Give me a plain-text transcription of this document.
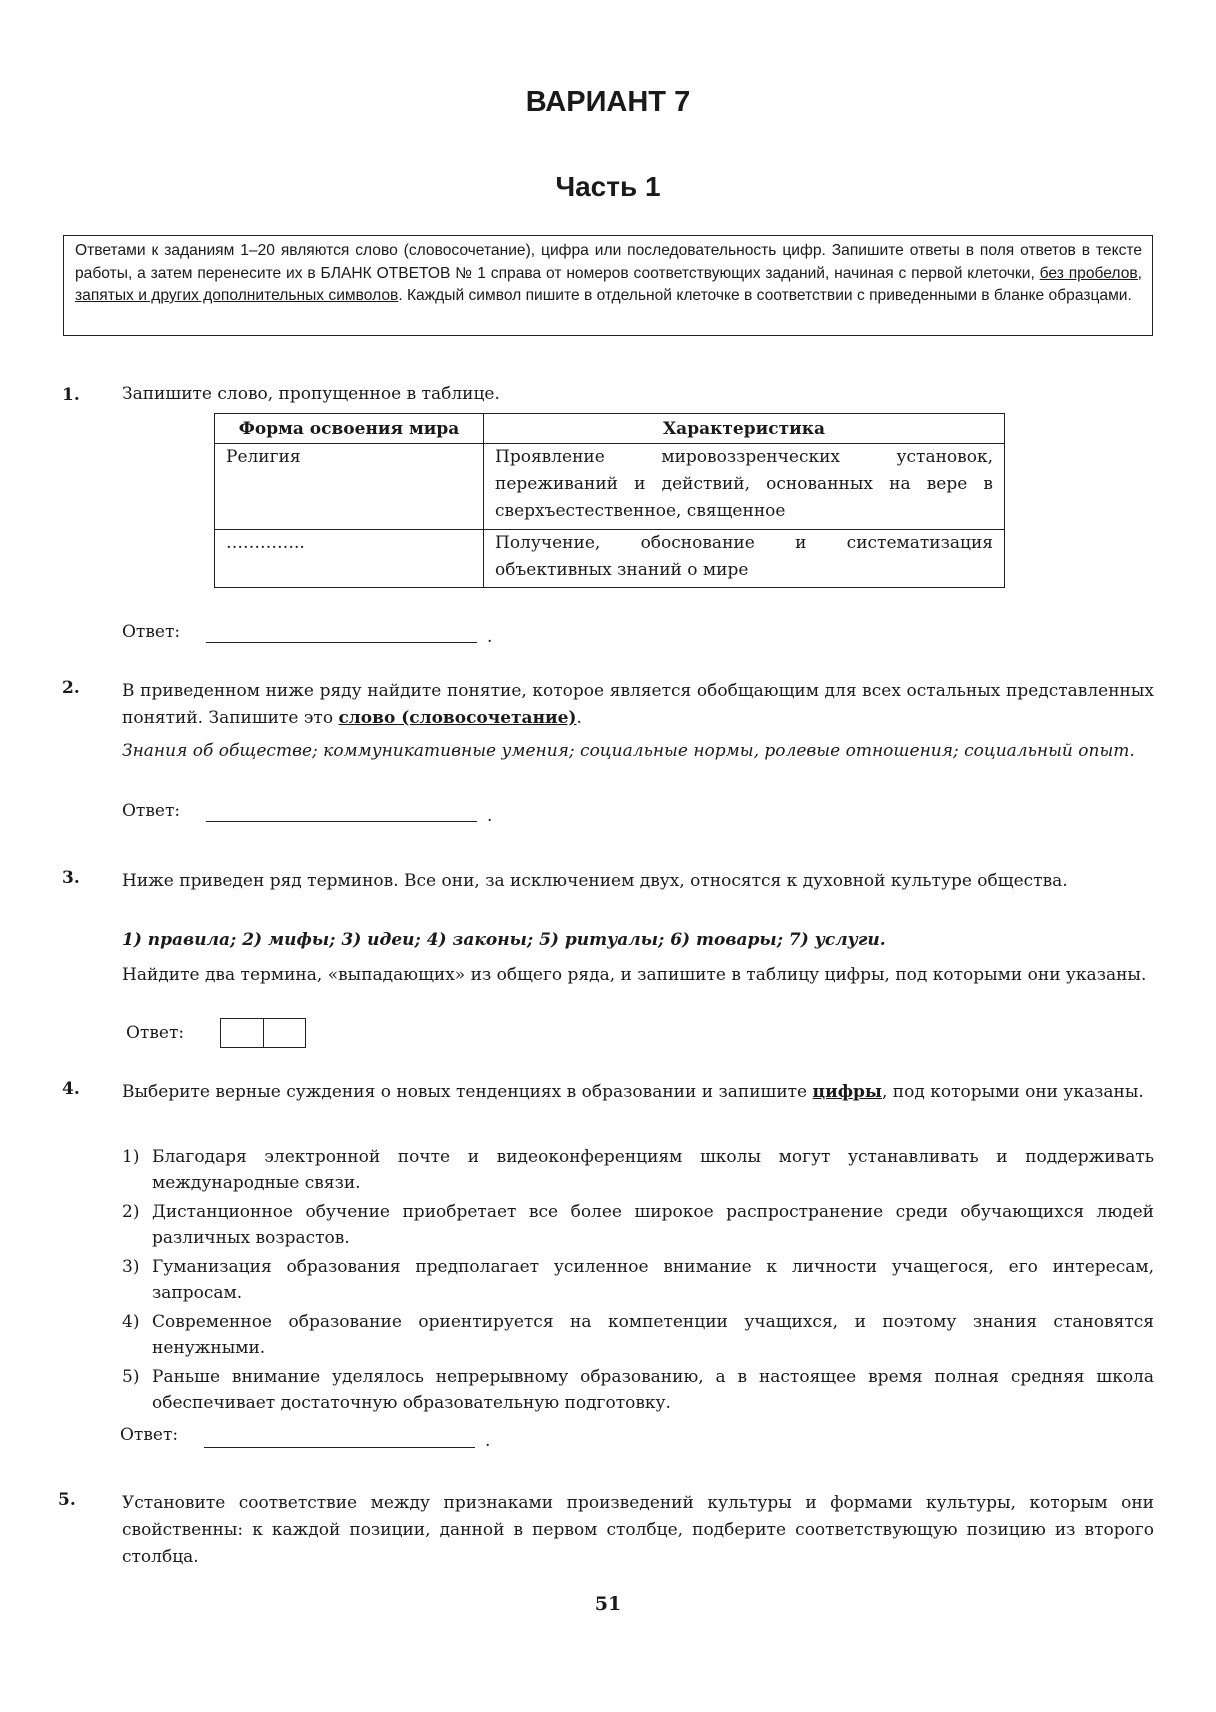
ВАРИАНТ 7
Часть 1
Ответами к заданиям 1–20 являются слово (словосочетание), цифра или последовательность цифр. Запишите ответы в поля ответов в тексте работы, а затем перенесите их в БЛАНК ОТВЕТОВ № 1 справа от номеров соответствующих заданий, начиная с первой клеточки, без пробелов, запятых и других дополнительных символов. Каждый символ пишите в отдельной клеточке в соответствии с приведенными в бланке образцами.
1. Запишите слово, пропущенное в таблице.
Форма освоения мира	Характеристика
Религия	Проявление мировоззренческих установок, переживаний и действий, основанных на вере в сверхъестественное, священное
…………..	Получение, обоснование и систематизация объективных знаний о мире
Ответ:	.
2. В приведенном ниже ряду найдите понятие, которое является обобщающим для всех остальных представленных понятий. Запишите это слово (словосочетание).
Знания об обществе; коммуникативные умения; социальные нормы, ролевые отношения; социальный опыт.
Ответ:	.
3. Ниже приведен ряд терминов. Все они, за исключением двух, относятся к духовной культуре общества.
1) правила; 2) мифы; 3) идеи; 4) законы; 5) ритуалы; 6) товары; 7) услуги.
Найдите два термина, «выпадающих» из общего ряда, и запишите в таблицу цифры, под которыми они указаны.
Ответ:
4. Выберите верные суждения о новых тенденциях в образовании и запишите цифры, под которыми они указаны.
1) Благодаря электронной почте и видеоконференциям школы могут устанавливать и поддерживать международные связи.
2) Дистанционное обучение приобретает все более широкое распространение среди обучающихся людей различных возрастов.
3) Гуманизация образования предполагает усиленное внимание к личности учащегося, его интересам, запросам.
4) Современное образование ориентируется на компетенции учащихся, и поэтому знания становятся ненужными.
5) Раньше внимание уделялось непрерывному образованию, а в настоящее время полная средняя школа обеспечивает достаточную образовательную подготовку.
Ответ:	.
5.	Установите соответствие между признаками произведений культуры и формами культуры, которым они свойственны: к каждой позиции, данной в первом столбце, подберите соответствующую позицию из второго столбца.
51
